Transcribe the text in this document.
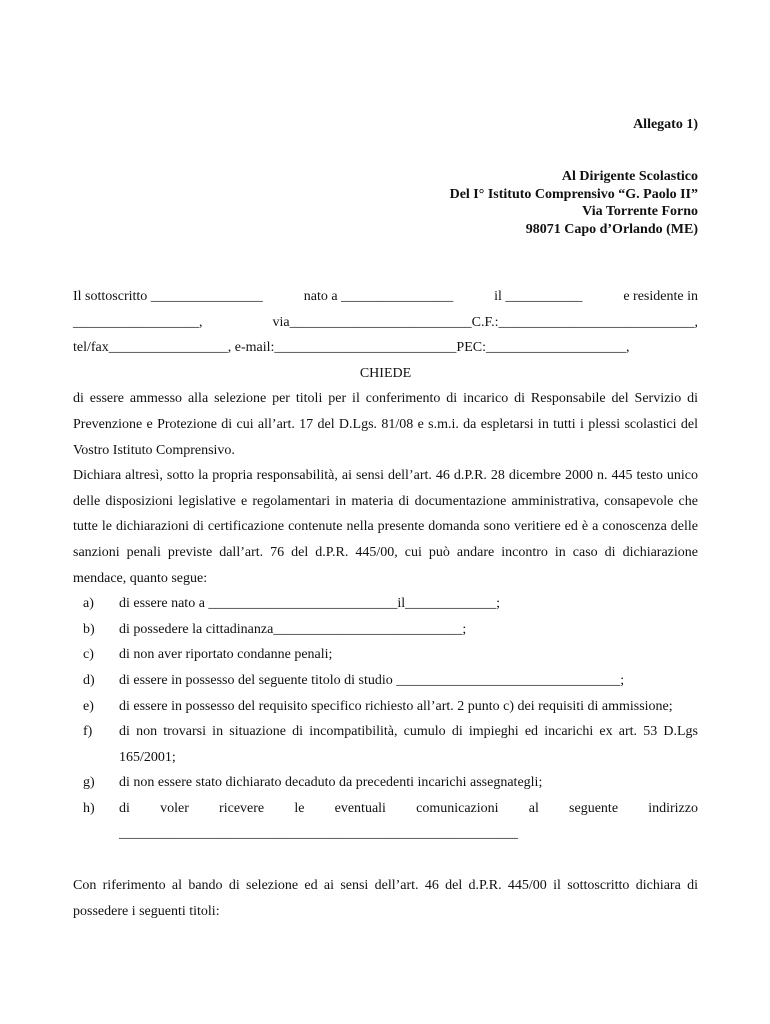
Allegato 1)
Al Dirigente Scolastico
Del I° Istituto Comprensivo “G. Paolo II”
Via Torrente Forno
98071 Capo d’Orlando (ME)
Il sottoscritto ________________	nato a ________________	il ___________	e residente in
__________________,	via__________________________C.F.:____________________________,
tel/fax_________________, e-mail:__________________________PEC:____________________,
CHIEDE
di essere ammesso alla selezione per titoli per il conferimento di incarico di Responsabile del Servizio di Prevenzione e Protezione di cui all’art. 17 del D.Lgs. 81/08 e s.m.i. da espletarsi in tutti i plessi scolastici del Vostro Istituto Comprensivo.
Dichiara altresì, sotto la propria responsabilità, ai sensi dell’art. 46 d.P.R. 28 dicembre 2000 n. 445 testo unico delle disposizioni legislative e regolamentari in materia di documentazione amministrativa, consapevole che tutte le dichiarazioni di certificazione contenute nella presente domanda sono veritiere ed è a conoscenza delle sanzioni penali previste dall’art. 76 del d.P.R. 445/00, cui può andare incontro in caso di dichiarazione mendace, quanto segue:
a) di essere nato a ___________________________il_____________;
b) di possedere la cittadinanza___________________________;
c) di non aver riportato condanne penali;
d) di essere in possesso del seguente titolo di studio ________________________________;
e) di essere in possesso del requisito specifico richiesto all’art. 2 punto c) dei requisiti di ammissione;
f) di non trovarsi in situazione di incompatibilità, cumulo di impieghi ed incarichi ex art. 53 D.Lgs 165/2001;
g) di non essere stato dichiarato decaduto da precedenti incarichi assegnategli;
h) di voler ricevere le eventuali comunicazioni al seguente indirizzo
_________________________________________________________
Con riferimento al bando di selezione ed ai sensi dell’art. 46 del d.P.R. 445/00 il sottoscritto dichiara di possedere i seguenti titoli:
